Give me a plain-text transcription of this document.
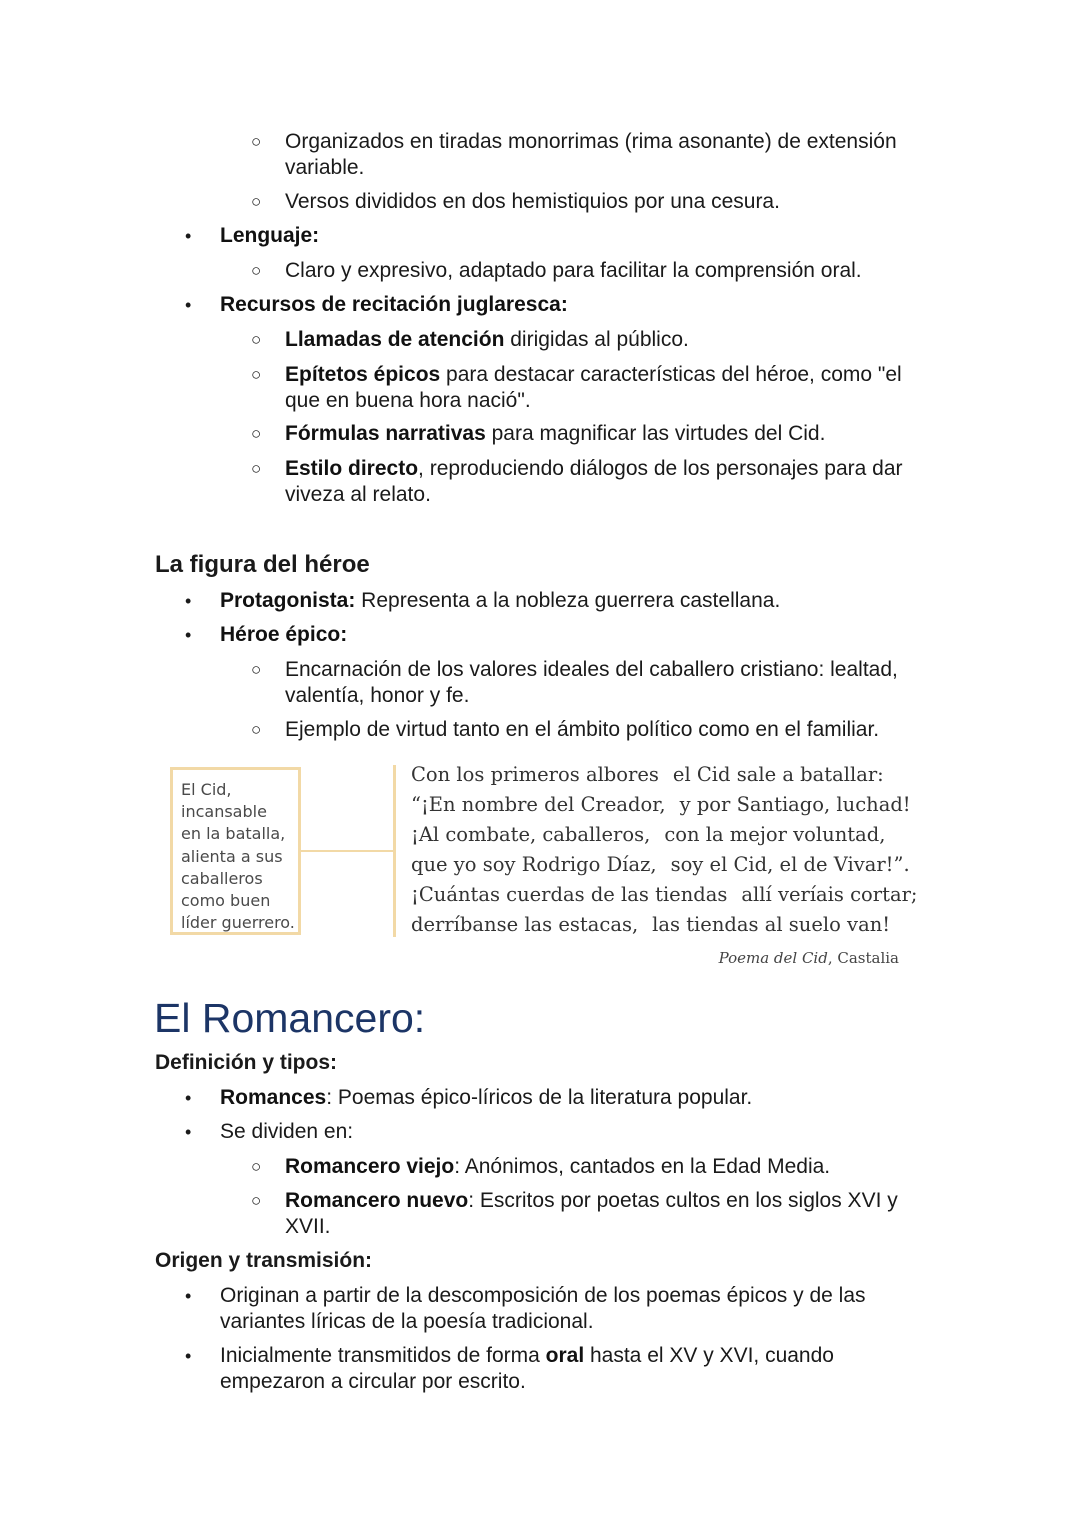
○ Organizados en tiradas monorrimas (rima asonante) de extensión
variable.
○ Versos divididos en dos hemistiquios por una cesura.
• Lenguaje:
○ Claro y expresivo, adaptado para facilitar la comprensión oral.
• Recursos de recitación juglaresca:
○ Llamadas de atención dirigidas al público.
○ Epítetos épicos para destacar características del héroe, como "el
que en buena hora nació".
○ Fórmulas narrativas para magnificar las virtudes del Cid.
○ Estilo directo, reproduciendo diálogos de los personajes para dar
viveza al relato.
La figura del héroe
• Protagonista: Representa a la nobleza guerrera castellana.
• Héroe épico:
○ Encarnación de los valores ideales del caballero cristiano: lealtad,
valentía, honor y fe.
○ Ejemplo de virtud tanto en el ámbito político como en el familiar.
El Cid,
incansable
en la batalla,
alienta a sus
caballeros
como buen
líder guerrero.
Con los primeros albores el Cid sale a batallar:
“¡En nombre del Creador, y por Santiago, luchad!
¡Al combate, caballeros, con la mejor voluntad,
que yo soy Rodrigo Díaz, soy el Cid, el de Vivar!”.
¡Cuántas cuerdas de las tiendas allí veríais cortar;
derríbanse las estacas, las tiendas al suelo van!
Poema del Cid, Castalia
El Romancero:
Definición y tipos:
• Romances: Poemas épico-líricos de la literatura popular.
• Se dividen en:
○ Romancero viejo: Anónimos, cantados en la Edad Media.
○ Romancero nuevo: Escritos por poetas cultos en los siglos XVI y
XVII.
Origen y transmisión:
• Originan a partir de la descomposición de los poemas épicos y de las
variantes líricas de la poesía tradicional.
• Inicialmente transmitidos de forma oral hasta el XV y XVI, cuando
empezaron a circular por escrito.
